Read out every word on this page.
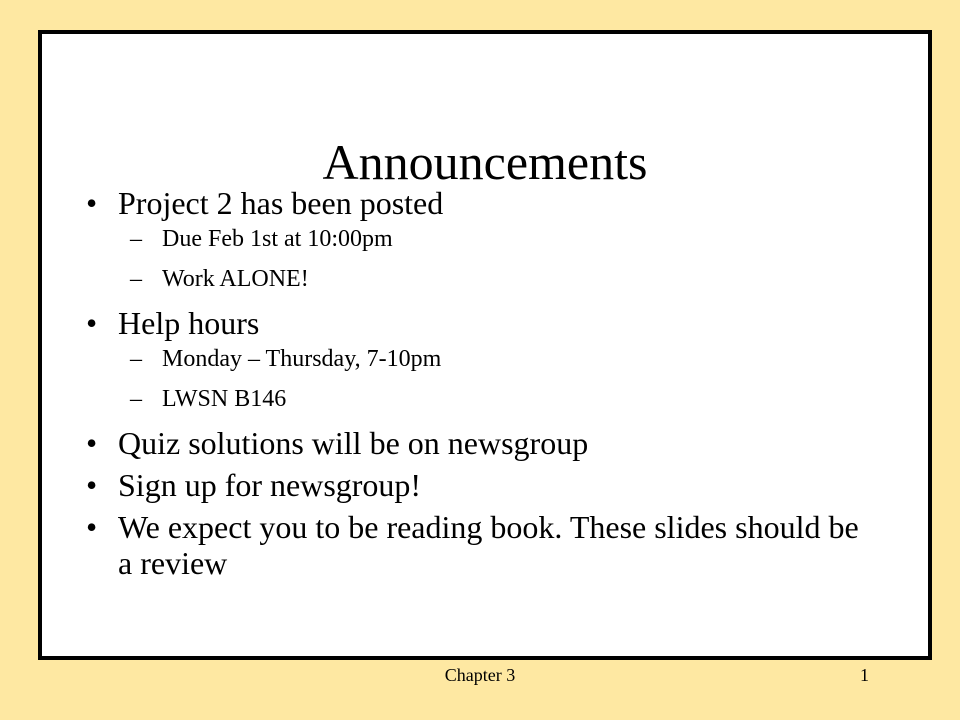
Announcements
• Project 2 has been posted
– Due Feb 1st at 10:00pm
– Work ALONE!
• Help hours
– Monday – Thursday, 7-10pm
– LWSN B146
• Quiz solutions will be on newsgroup
• Sign up for newsgroup!
• We expect you to be reading book. These slides should be a review
Chapter 3	1
